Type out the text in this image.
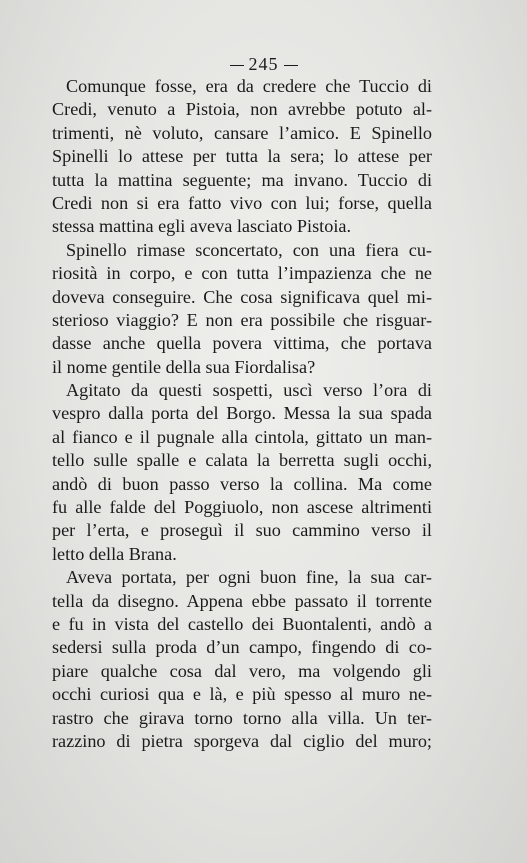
245

Comunque fosse, era da credere che Tuccio di
Credi, venuto a Pistoia, non avrebbe potuto al-
trimenti, nè voluto, cansare l’amico. E Spinello
Spinelli lo attese per tutta la sera; lo attese per
tutta la mattina seguente; ma invano. Tuccio di
Credi non si era fatto vivo con lui; forse, quella
stessa mattina egli aveva lasciato Pistoia.

Spinello rimase sconcertato, con una fiera cu-
riosità in corpo, e con tutta l’impazienza che ne
doveva conseguire. Che cosa significava quel mi-
sterioso viaggio? E non era possibile che risguar-
dasse anche quella povera vittima, che portava
il nome gentile della sua Fiordalisa?

Agitato da questi sospetti, uscì verso l’ora di
vespro dalla porta del Borgo. Messa la sua spada
al fianco e il pugnale alla cintola, gittato un man-
tello sulle spalle e calata la berretta sugli occhi,
andò di buon passo verso la collina. Ma come
fu alle falde del Poggiuolo, non ascese altrimenti
per l’erta, e proseguì il suo cammino verso il
letto della Brana.

Aveva portata, per ogni buon fine, la sua car-
tella da disegno. Appena ebbe passato il torrente
e fu in vista del castello dei Buontalenti, andò a
sedersi sulla proda d’un campo, fingendo di co-
piare qualche cosa dal vero, ma volgendo gli
occhi curiosi qua e là, e più spesso al muro ne-
rastro che girava torno torno alla villa. Un ter-
razzino di pietra sporgeva dal ciglio del muro;
